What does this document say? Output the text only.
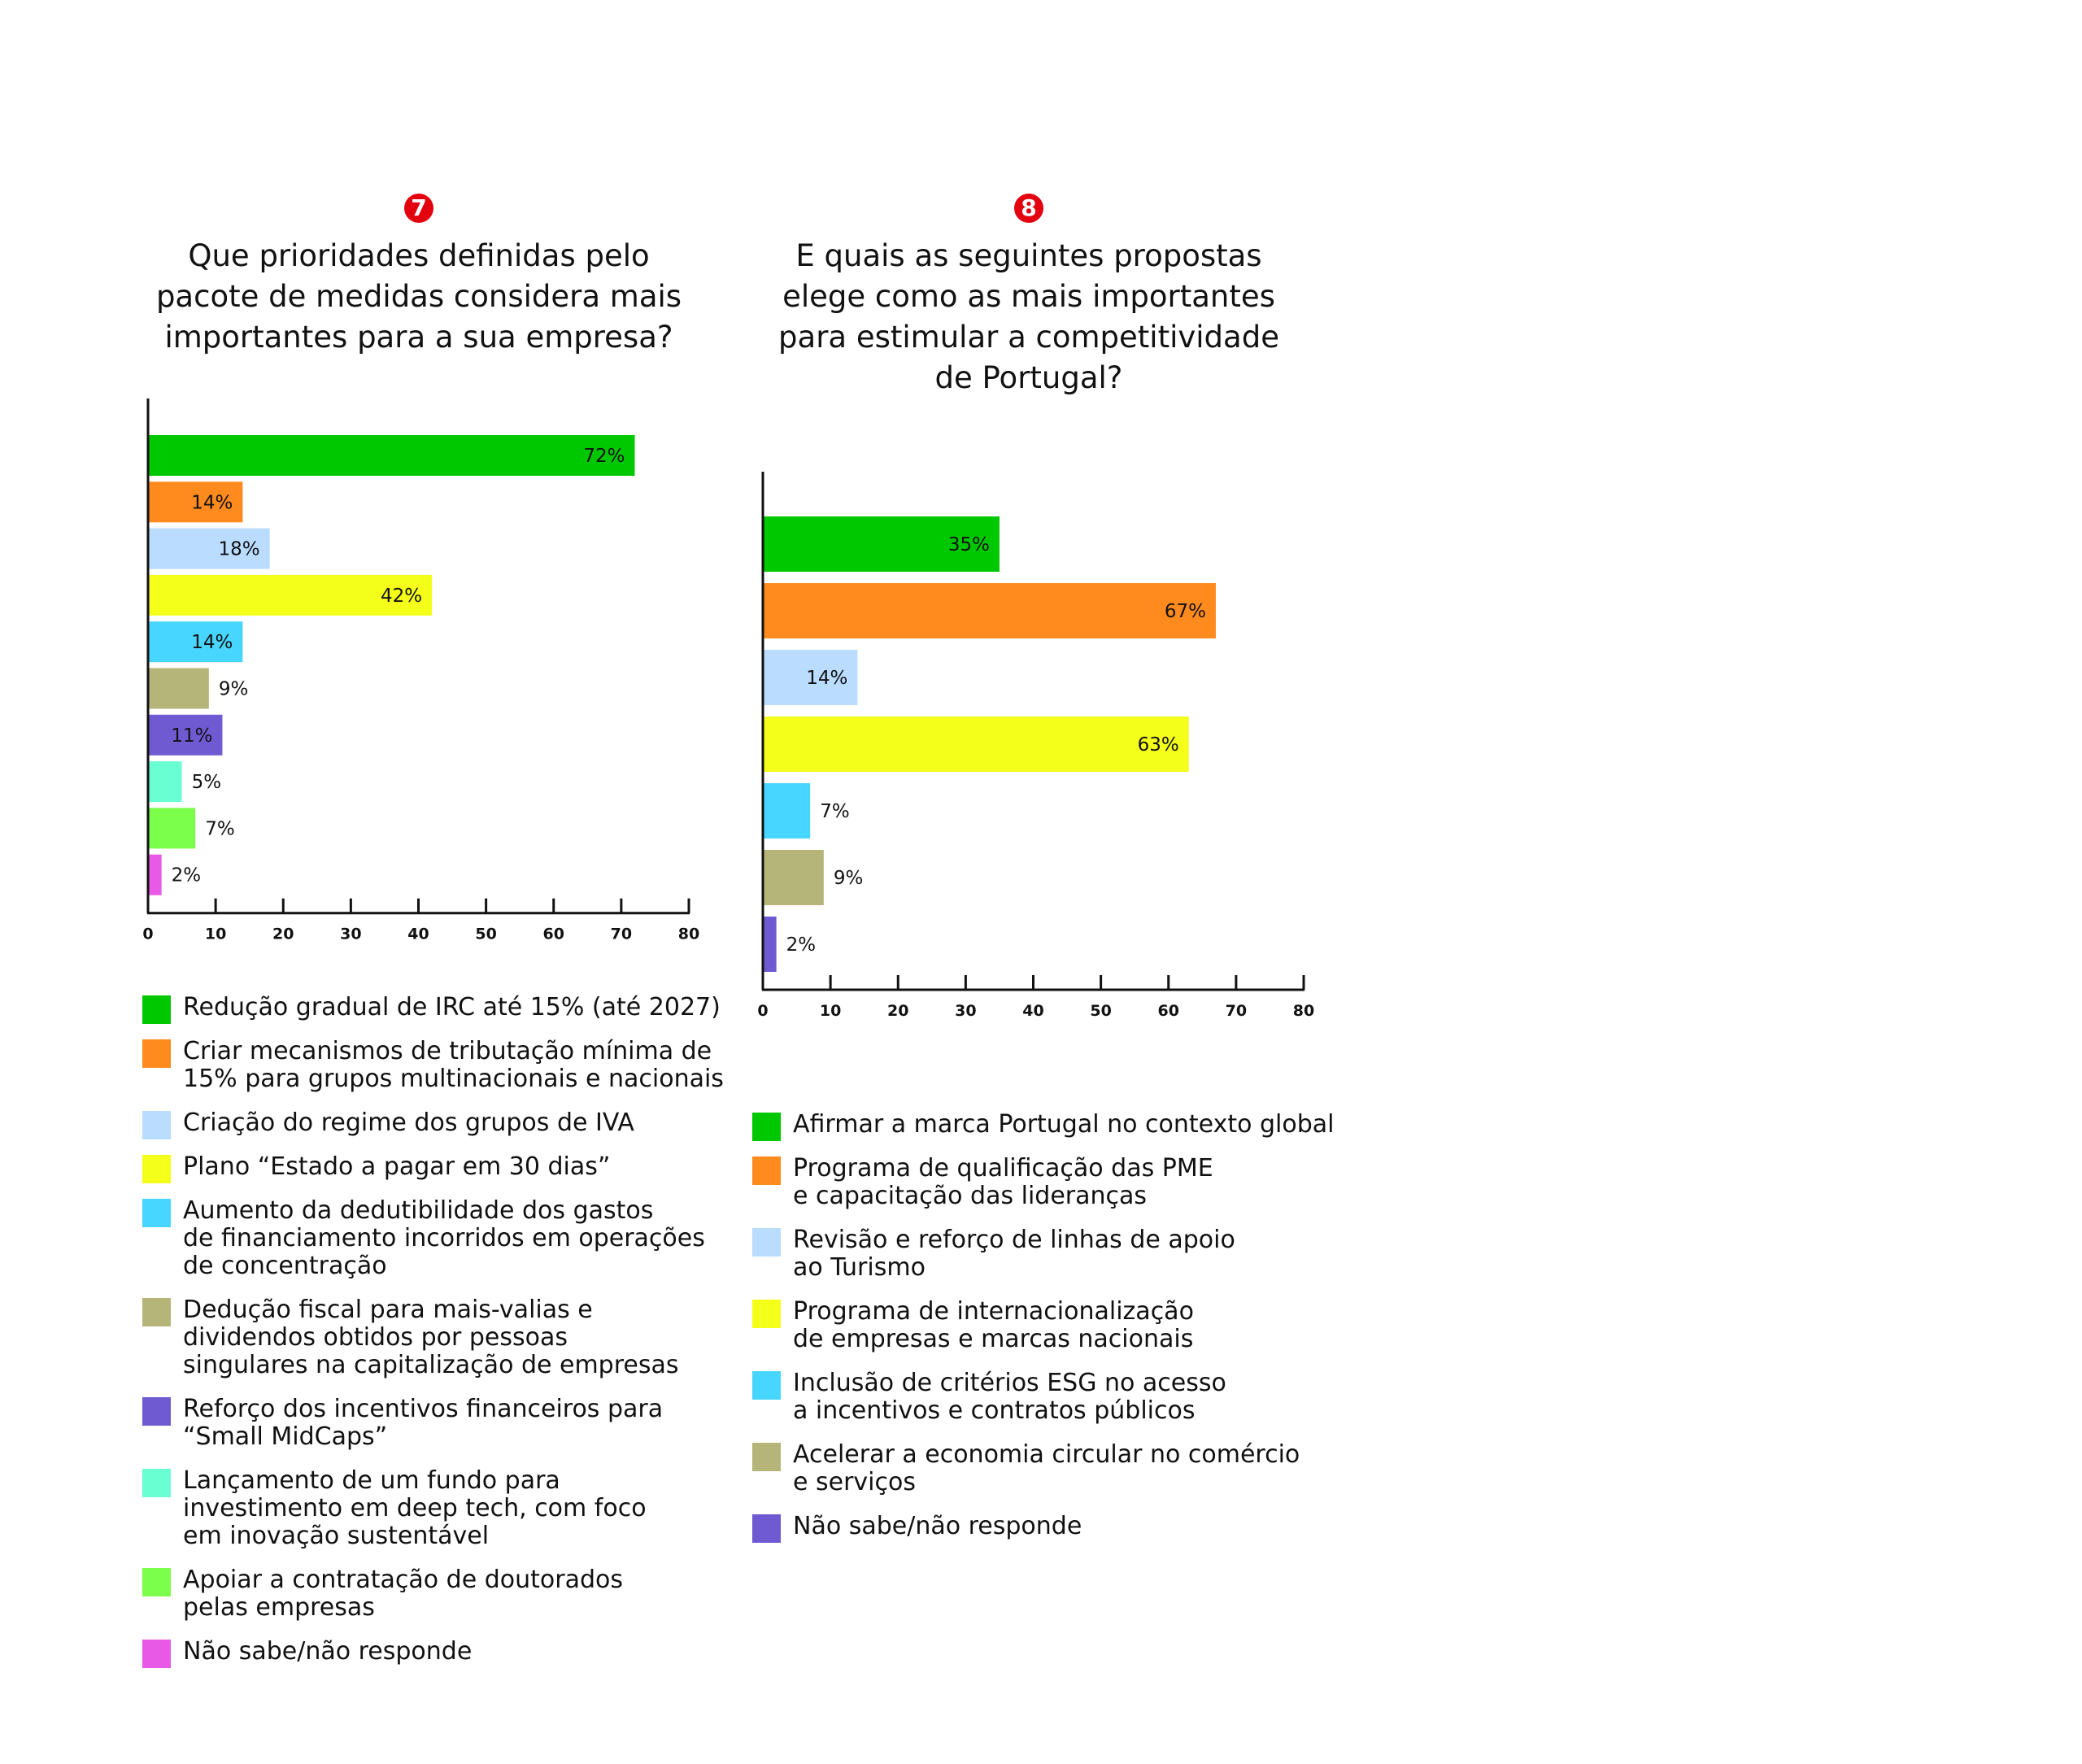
7
Que prioridades definidas pelo
pacote de medidas considera mais
importantes para a sua empresa?
72%
14%
18%
42%
14%
9%
11%
5%
7%
2%
0	10	20	30	40	50	60	70	80
Redução gradual de IRC até 15% (até 2027)
Criar mecanismos de tributação mínima de
15% para grupos multinacionais e nacionais
Criação do regime dos grupos de IVA
Plano “Estado a pagar em 30 dias”
Aumento da dedutibilidade dos gastos
de financiamento incorridos em operações
de concentração
Dedução fiscal para mais-valias e
dividendos obtidos por pessoas
singulares na capitalização de empresas
Reforço dos incentivos financeiros para
“Small MidCaps”
Lançamento de um fundo para
investimento em deep tech, com foco
em inovação sustentável
Apoiar a contratação de doutorados
pelas empresas
Não sabe/não responde
8
E quais as seguintes propostas
elege como as mais importantes
para estimular a competitividade
de Portugal?
35%
67%
14%
63%
7%
9%
2%
0	10	20	30	40	50	60	70	80
Afirmar a marca Portugal no contexto global
Programa de qualificação das PME
e capacitação das lideranças
Revisão e reforço de linhas de apoio
ao Turismo
Programa de internacionalização
de empresas e marcas nacionais
Inclusão de critérios ESG no acesso
a incentivos e contratos públicos
Acelerar a economia circular no comércio
e serviços
Não sabe/não responde
